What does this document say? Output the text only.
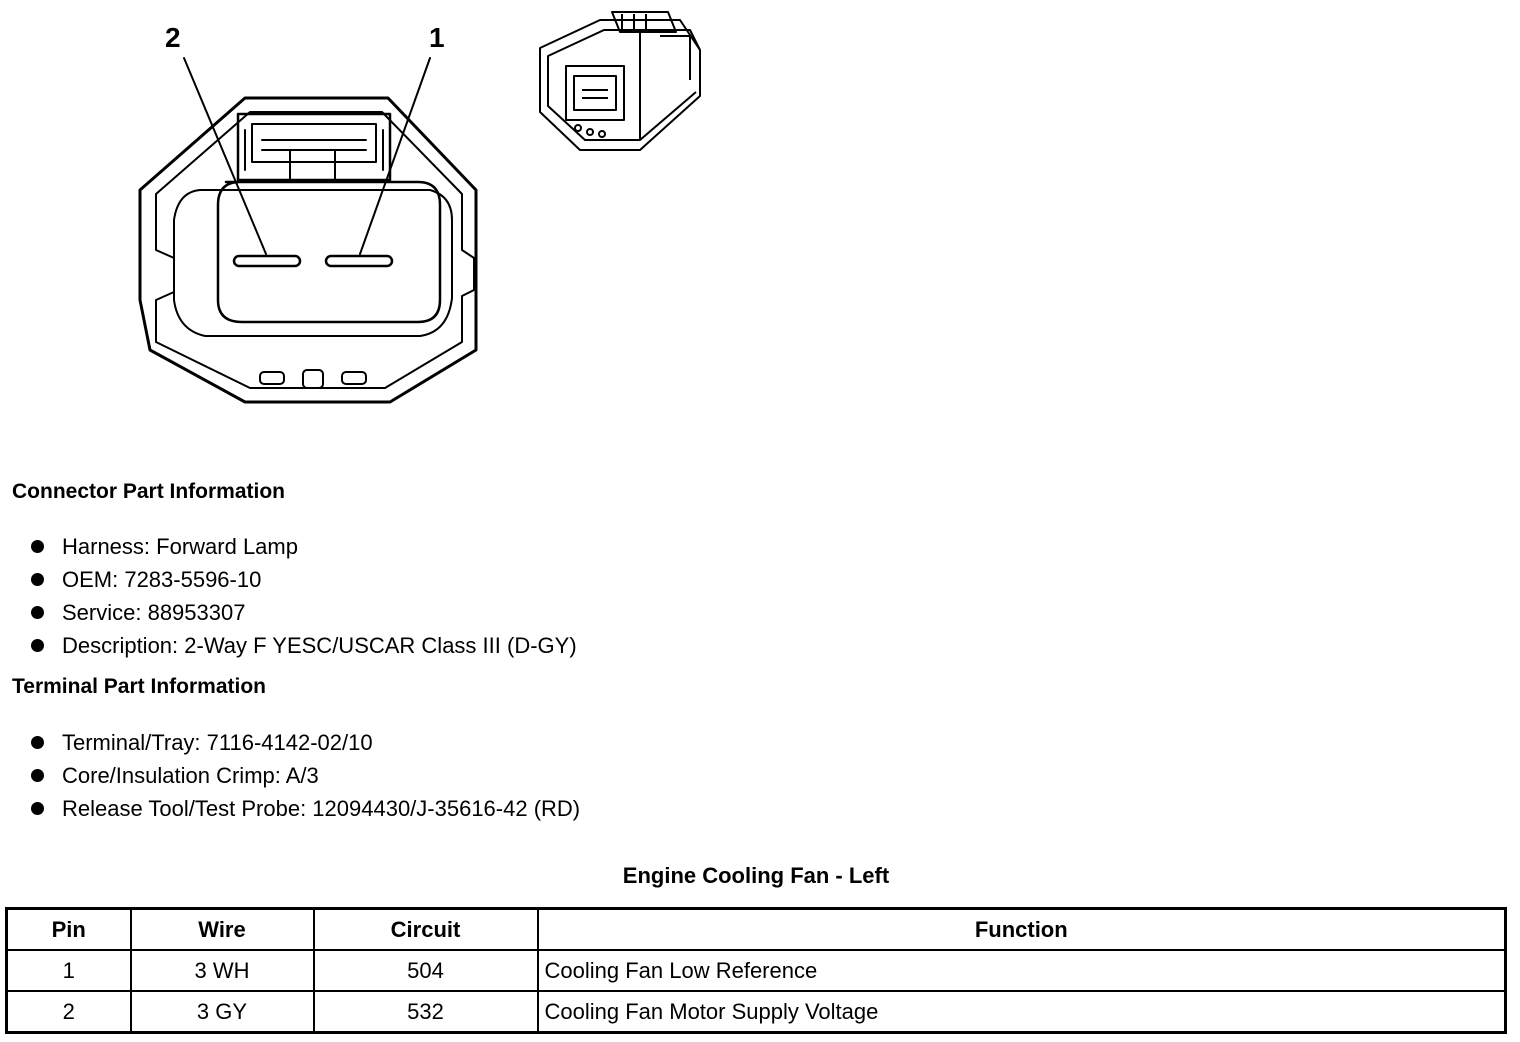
2	1
Connector Part Information
Harness: Forward Lamp
OEM: 7283-5596-10
Service: 88953307
Description: 2-Way F YESC/USCAR Class III (D-GY)
Terminal Part Information
Terminal/Tray: 7116-4142-02/10
Core/Insulation Crimp: A/3
Release Tool/Test Probe: 12094430/J-35616-42 (RD)
Engine Cooling Fan - Left
Pin	Wire	Circuit	Function
1	3 WH	504	Cooling Fan Low Reference
2	3 GY	532	Cooling Fan Motor Supply Voltage
